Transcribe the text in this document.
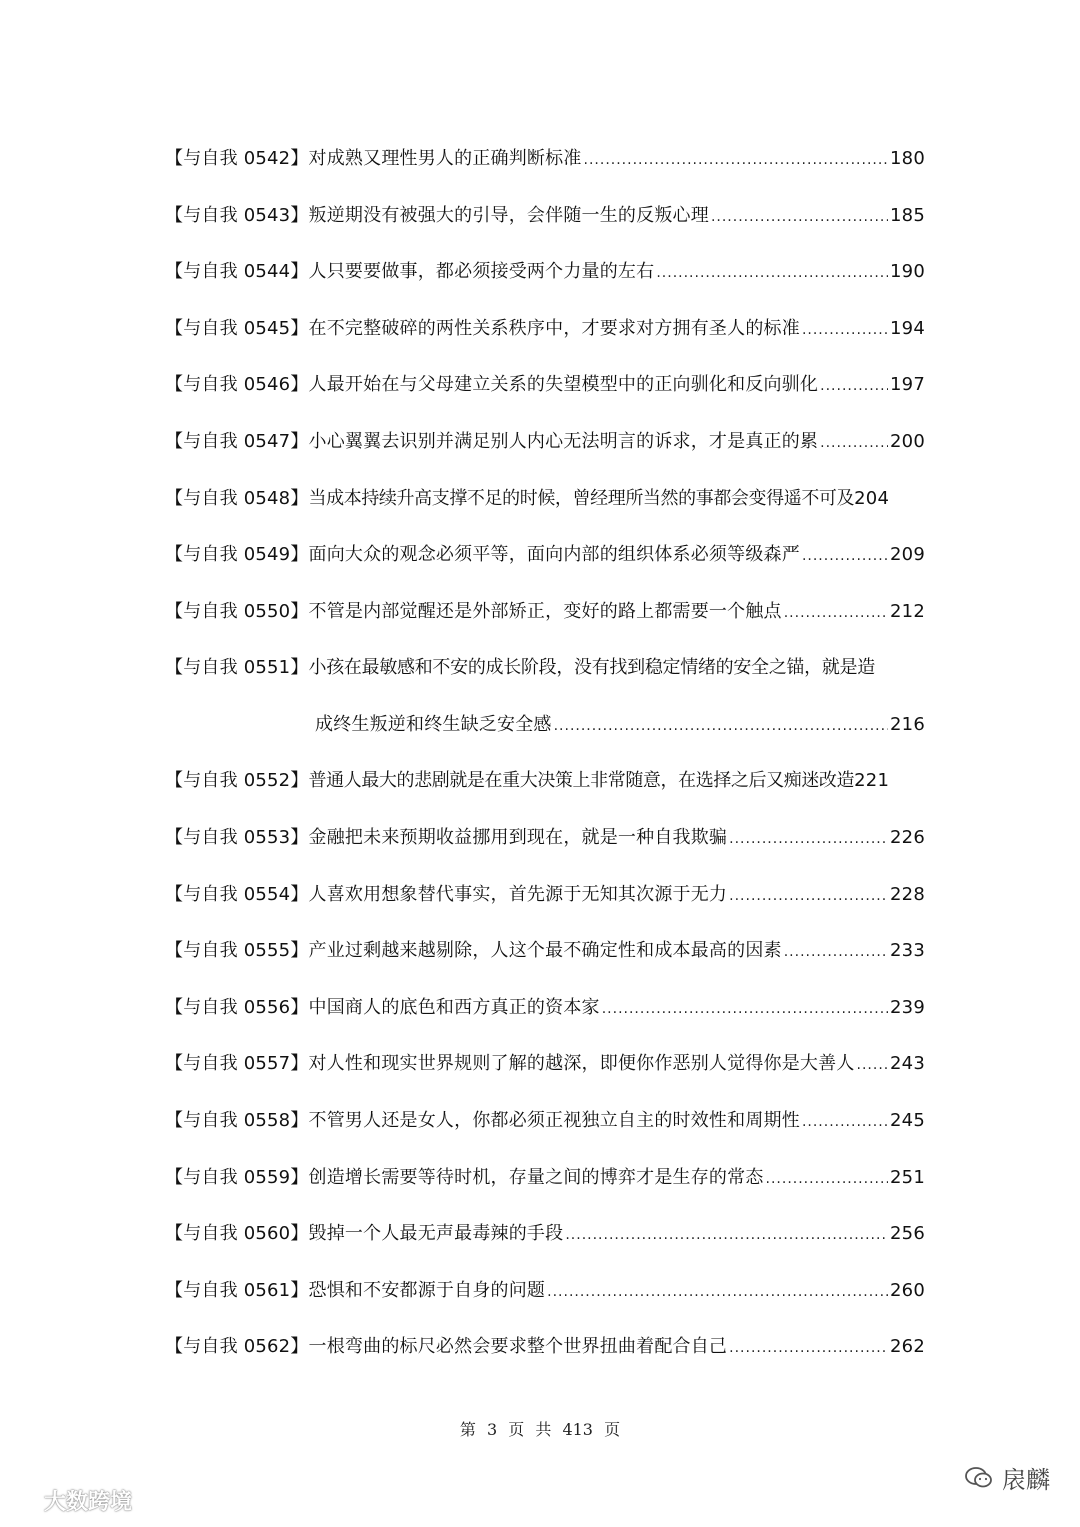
【与自我 0542】 对成熟又理性男人的正确判断标准 .....	180
【与自我 0543】 叛逆期没有被强大的引导，会伴随一生的反叛心理 .....	185
【与自我 0544】 人只要要做事，都必须接受两个力量的左右 .....	190
【与自我 0545】 在不完整破碎的两性关系秩序中，才要求对方拥有圣人的标准 .....	194
【与自我 0546】 人最开始在与父母建立关系的失望模型中的正向驯化和反向驯化 .....	197
【与自我 0547】 小心翼翼去识别并满足别人内心无法明言的诉求，才是真正的累 .....	200
【与自我 0548】 当成本持续升高支撑不足的时候，曾经理所当然的事都会变得遥不可及 204
【与自我 0549】 面向大众的观念必须平等，面向内部的组织体系必须等级森严 .....	209
【与自我 0550】 不管是内部觉醒还是外部矫正，变好的路上都需要一个触点 .....	212
【与自我 0551】 小孩在最敏感和不安的成长阶段，没有找到稳定情绪的安全之锚，就是造
成终生叛逆和终生缺乏安全感 .....	216
【与自我 0552】 普通人最大的悲剧就是在重大决策上非常随意，在选择之后又痴迷改造 221
【与自我 0553】 金融把未来预期收益挪用到现在，就是一种自我欺骗 .....	226
【与自我 0554】 人喜欢用想象替代事实，首先源于无知其次源于无力 .....	228
【与自我 0555】 产业过剩越来越剔除，人这个最不确定性和成本最高的因素 .....	233
【与自我 0556】 中国商人的底色和西方真正的资本家 .....	239
【与自我 0557】 对人性和现实世界规则了解的越深，即便你作恶别人觉得你是大善人 ..... 243
【与自我 0558】 不管男人还是女人，你都必须正视独立自主的时效性和周期性 .....	245
【与自我 0559】 创造增长需要等待时机，存量之间的博弈才是生存的常态 .....	251
【与自我 0560】 毁掉一个人最无声最毒辣的手段 .....	256
【与自我 0561】 恐惧和不安都源于自身的问题 .....	260
【与自我 0562】 一根弯曲的标尺必然会要求整个世界扭曲着配合自己 .....	262
第 3 页 共 413 页
大数跨境
扆麟
